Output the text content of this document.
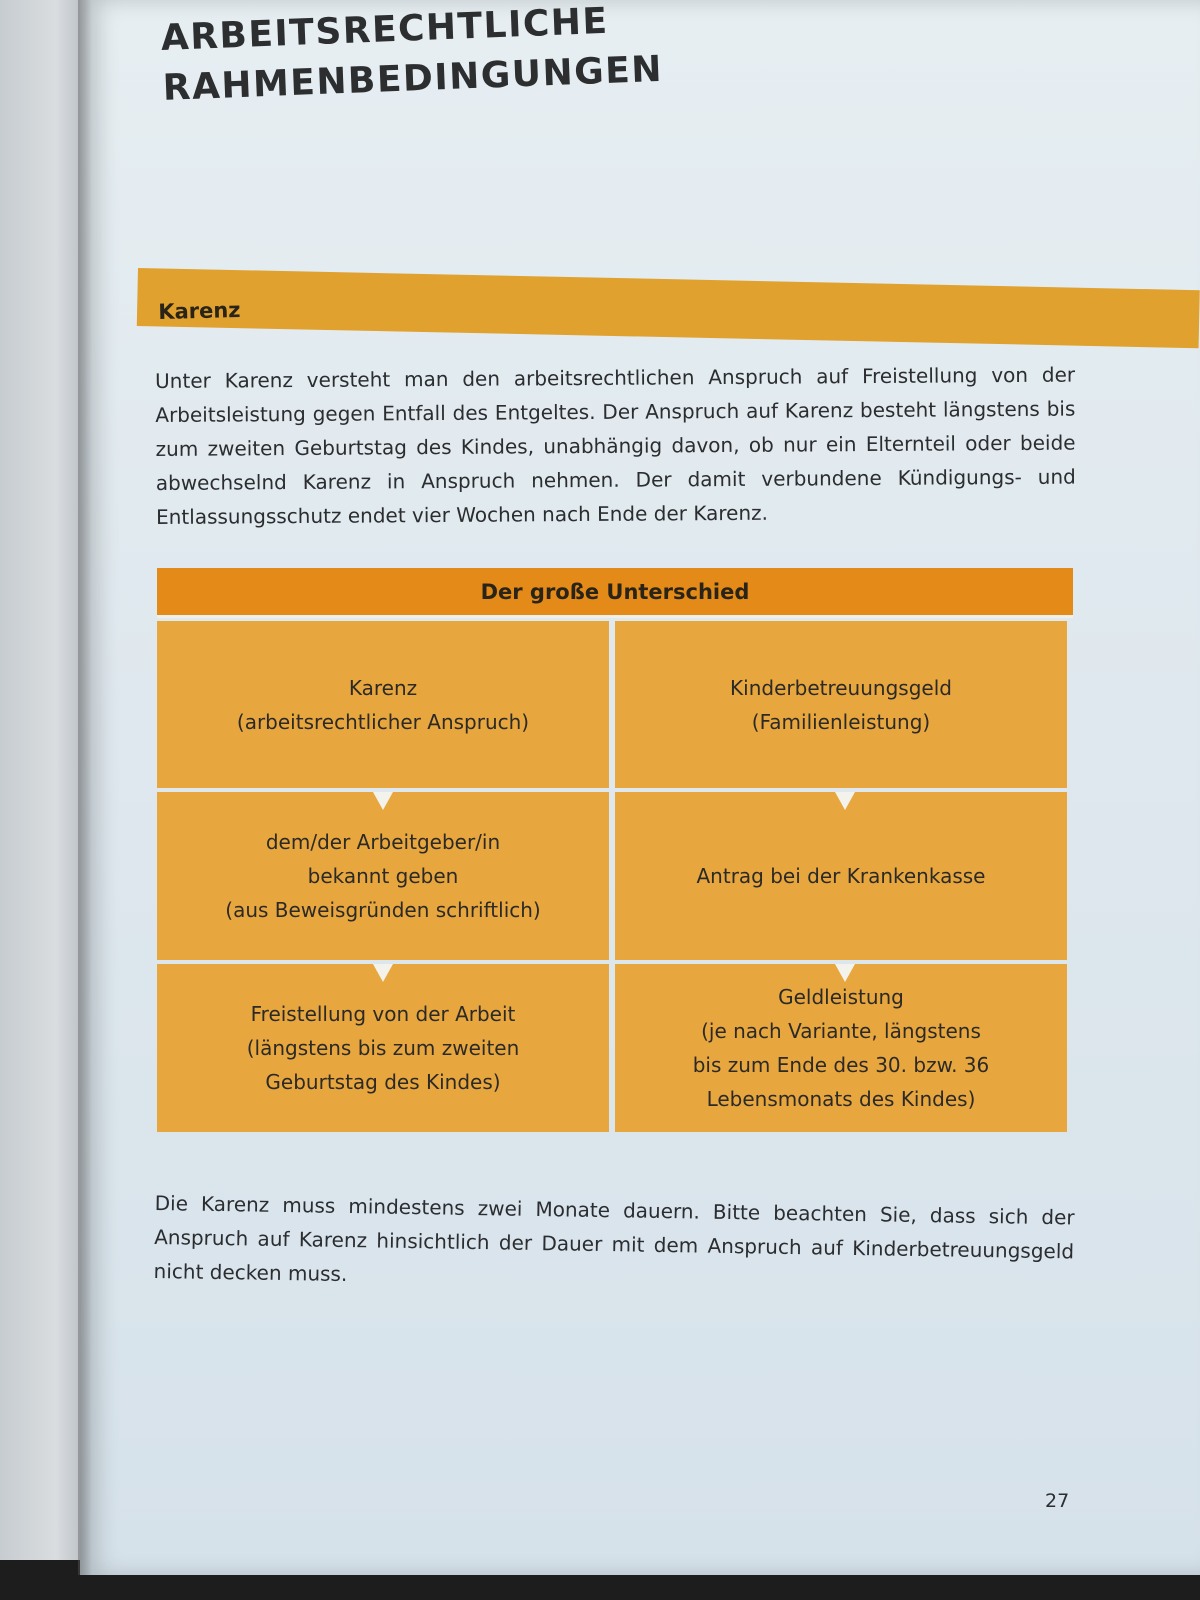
ARBEITSRECHTLICHE
RAHMENBEDINGUNGEN
Karenz
Unter Karenz versteht man den arbeitsrechtlichen Anspruch auf Freistellung von der Arbeitsleistung gegen Entfall des Entgeltes. Der Anspruch auf Karenz besteht längstens bis zum zweiten Geburtstag des Kindes, unabhängig davon, ob nur ein Elternteil oder beide abwechselnd Karenz in Anspruch nehmen. Der damit verbundene Kündigungs- und Entlassungsschutz endet vier Wochen nach Ende der Karenz.
Der große Unterschied
Karenz
(arbeitsrechtlicher Anspruch)
Kinderbetreuungsgeld
(Familienleistung)
dem/der Arbeitgeber/in
bekannt geben
(aus Beweisgründen schriftlich)
Antrag bei der Krankenkasse
Freistellung von der Arbeit
(längstens bis zum zweiten
Geburtstag des Kindes)
Geldleistung
(je nach Variante, längstens
bis zum Ende des 30. bzw. 36
Lebensmonats des Kindes)
Die Karenz muss mindestens zwei Monate dauern. Bitte beachten Sie, dass sich der Anspruch auf Karenz hinsichtlich der Dauer mit dem Anspruch auf Kinderbetreuungsgeld nicht decken muss.
27
